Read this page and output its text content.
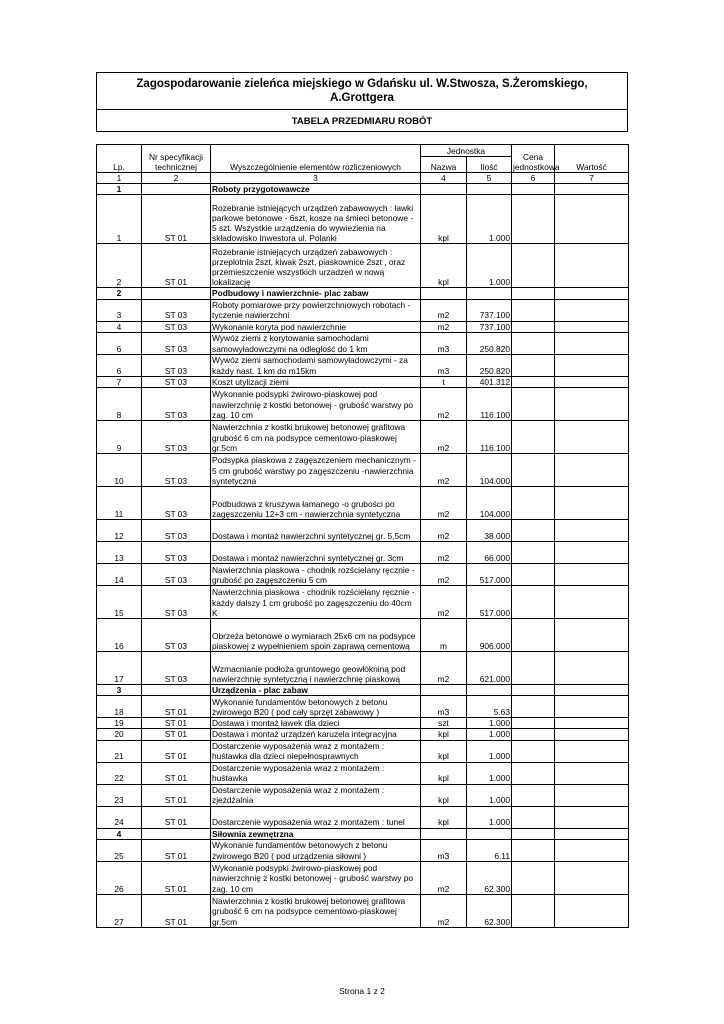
Zagospodarowanie zieleńca miejskiego w Gdańsku ul. W.Stwosza, S.Żeromskiego, A.Grottgera
TABELA PRZEDMIARU ROBÓT
Lp.	Nr specyfikacji technicznej	Wyszczególnienie elementów rozliczeniowych	Jednostka		Cena jednostkowa	Wartość
			Nazwa	Ilość		
1	2	3	4	5	6	7
1		Roboty przygotowawcze				
1	ST 01	Rozebranie istniejących urządzeń zabawowych : ławki parkowe betonowe - 6szt, kosze na śmieci betonowe - 5 szt. Wszystkie urządzenia do wywiezienia na składowisko Inwestora ul. Polanki	kpl	1.000		
2	ST 01	Rozebranie istniejących urządzeń zabawowych : przeplotnia 2szt, kiwak 2szt, piaskownice 2szt , oraz przemieszczenie wszystkich urzadzeń w nową lokalizację	kpl	1.000		
2		Podbudowy i nawierzchnie- plac zabaw				
3	ST 03	Roboty pomiarowe przy powierzchniowych robotach - tyczenie nawierzchni	m2	737.100		
4	ST 03	Wykonanie koryta pod nawierzchnie	m2	737.100		
6	ST 03	Wywóz ziemi z korytowania samochodami samowyładowczymi na odległość do 1 km	m3	250.820		
6	ST 03	Wywóz ziemi samochodami samowyładowczymi - za każdy nast. 1 km do m15km	m3	250.820		
7	ST 03	Koszt utylizacji ziemi	t	401.312		
8	ST 03	Wykonanie podsypki żwirowo-piaskowej pod nawierzchnię z kostki betonowej - grubość warstwy po zag. 10 cm	m2	116.100		
9	ST 03	Nawierzchnia z kostki brukowej betonowej grafitowa grubość 6 cm na podsypce cementowo-piaskowej gr.5cm	m2	116.100		
10	ST 03	Podsypka piaskowa z zagęszczeniem mechanicznym - 5 cm grubość warstwy po zagęszczeniu -nawierzchnia syntetyczna	m2	104.000		
11	ST 03	Podbudowa z kruszywa łamanego -o grubości po zagęszczeniu 12+3 cm - nawierzchnia syntetyczna	m2	104.000		
12	ST 03	Dostawa i montaż nawierzchni syntetycznej gr. 5,5cm	m2	38.000		
13	ST 03	Dostawa i montaż nawierzchni syntetycznej gr. 3cm	m2	66.000		
14	ST 03	Nawierzchnia piaskowa - chodnik rozścielany ręcznie - grubość po zagęszczeniu 5 cm	m2	517.000		
15	ST 03	Nawierzchnia piaskowa - chodnik rozścielany ręcznie - każdy dalszy 1 cm grubość po zagęszczeniu do 40cm K	m2	517.000		
16	ST 03	Obrzeża betonowe o wymiarach 25x6 cm na podsypce piaskowej z wypełnieniem spoin zaprawą cementową	m	906.000		
17	ST 03	Wzmacnianie podłoża gruntowego geowłókniną pod nawierzchnię syntetyczną i nawierzchnię piaskową	m2	621.000		
3		Urządzenia - plac zabaw				
18	ST 01	Wykonanie fundamentów betonowych z betonu żwirowego B20 ( pod cały sprzęt zabawowy )	m3	5.63		
19	ST 01	Dostawa i montaż ławek dla dzieci	szt	1.000		
20	ST 01	Dostawa i montaż urządzeń karuzela integracyjna	kpl	1.000		
21	ST 01	Dostarczenie wyposażenia wraz z montażem : huśtawka dla dzieci niepełnosprawnych	kpl	1.000		
22	ST 01	Dostarczenie wyposażenia wraz z montażem : huśtawka	kpl	1.000		
23	ST 01	Dostarczenie wyposażenia wraz z montażem : zjeżdżalnia	kpl	1.000		
24	ST 01	Dostarczenie wyposażenia wraz z montażem : tunel	kpl	1.000		
4		Siłownia zewnętrzna				
25	ST 01	Wykonanie fundamentów betonowych z betonu żwirowego B20 ( pod urządzenia siłowni )	m3	6.11		
26	ST 01	Wykonanie podsypki żwirowo-piaskowej pod nawierzchnię z kostki betonowej - grubość warstwy po zag. 10 cm	m2	62.300		
27	ST 01	Nawierzchnia z kostki brukowej betonowej grafitowa grubość 6 cm na podsypce cementowo-piaskowej gr.5cm	m2	62.300		
Strona 1 z 2
